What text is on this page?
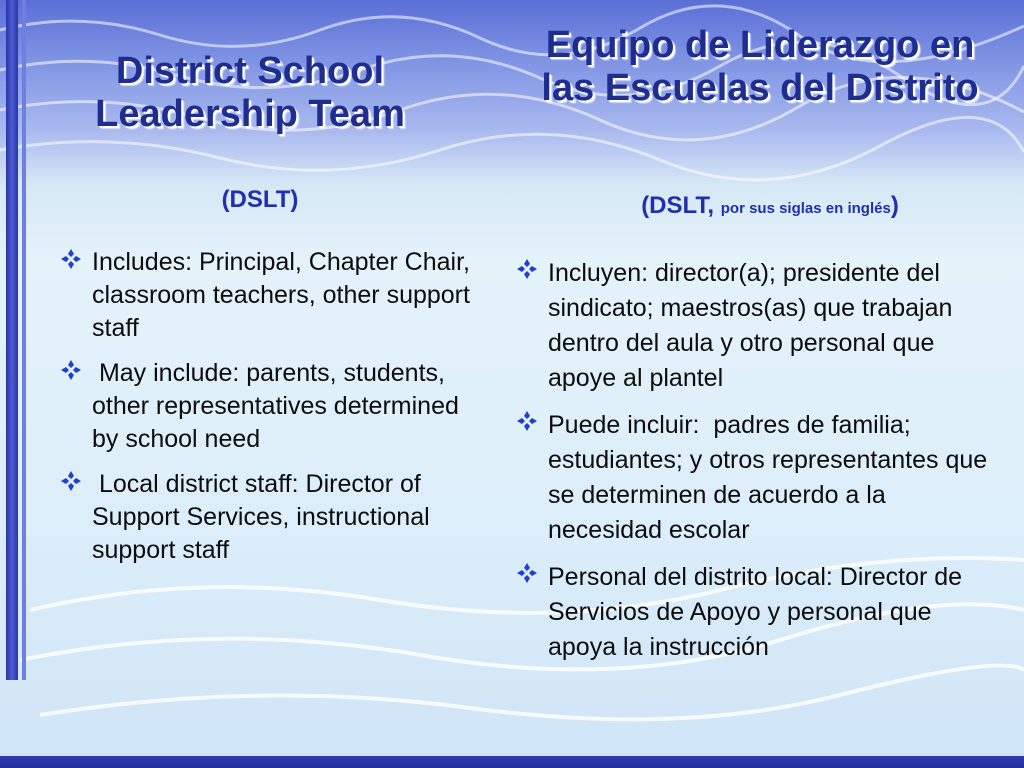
District School Leadership Team
Equipo de Liderazgo en las Escuelas del Distrito
(DSLT)	(DSLT, por sus siglas en inglés)
Includes: Principal, Chapter Chair, classroom teachers, other support staff
May include: parents, students, other representatives determined by school need
Local district staff: Director of Support Services, instructional support staff
Incluyen: director(a); presidente del sindicato; maestros(as) que trabajan dentro del aula y otro personal que apoye al plantel
Puede incluir:  padres de familia; estudiantes; y otros representantes que se determinen de acuerdo a la necesidad escolar
Personal del distrito local: Director de Servicios de Apoyo y personal que apoya la instrucción
